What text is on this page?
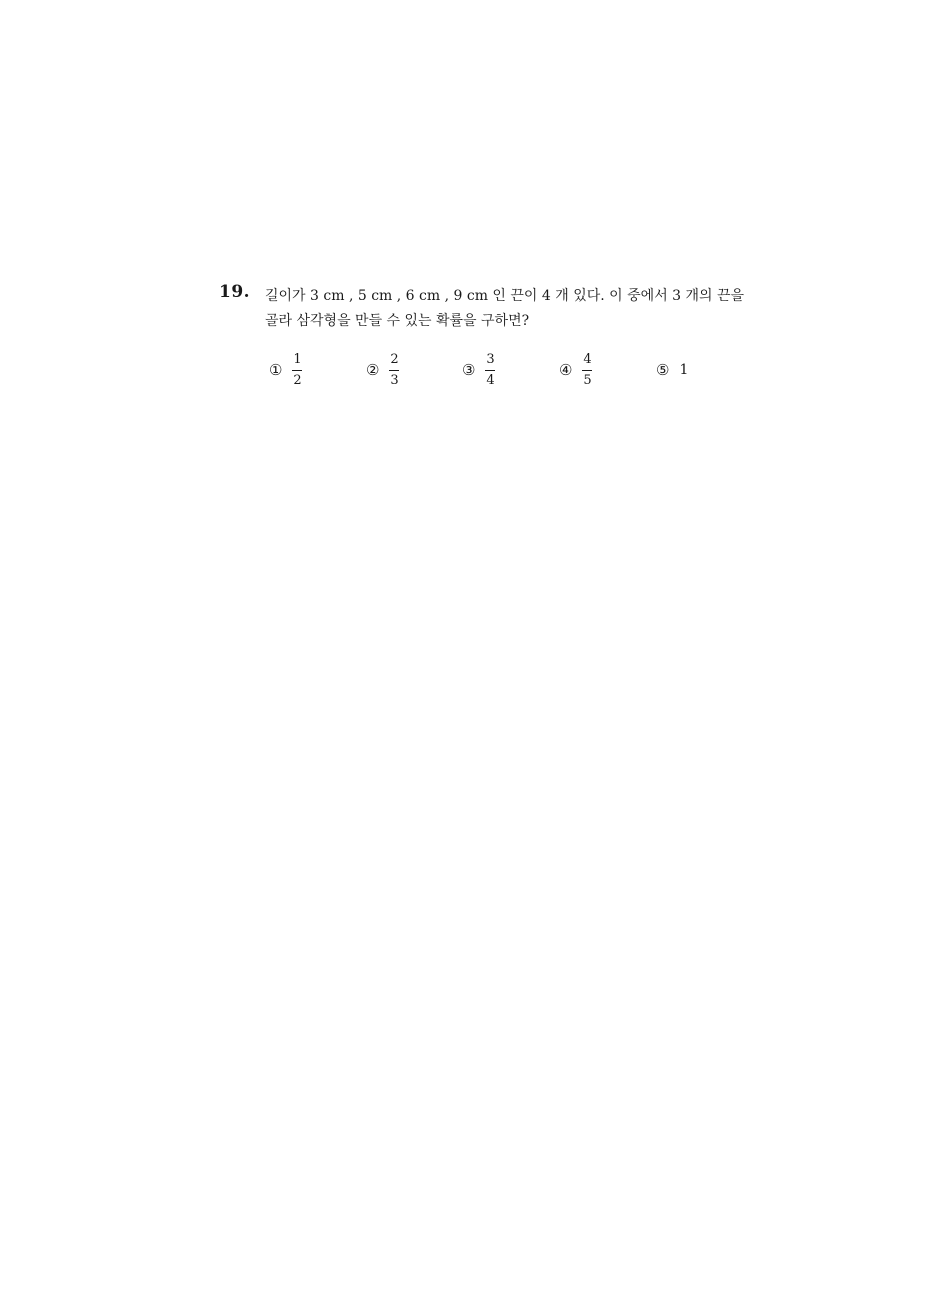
19. 길이가 3 cm , 5 cm , 6 cm , 9 cm 인 끈이 4 개 있다. 이 중에서 3 개의 끈을
골라 삼각형을 만들 수 있는 확률을 구하면?
① $\frac{1}{2}$	② $\frac{2}{3}$	③ $\frac{3}{4}$	④ $\frac{4}{5}$	⑤ 1
